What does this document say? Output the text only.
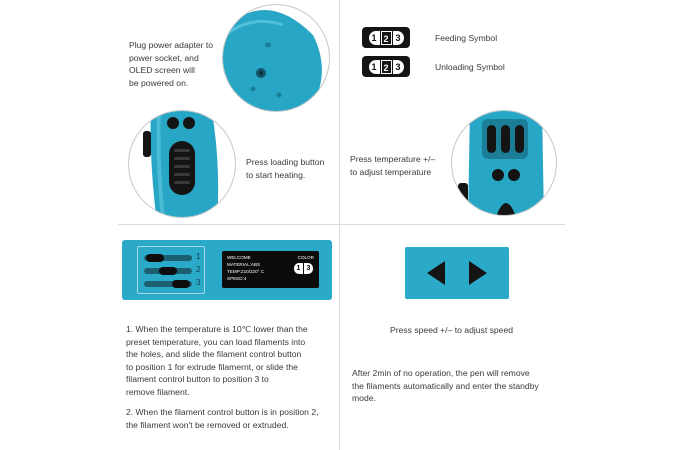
Plug power adapter to
power socket, and
OLED screen will
be powered on.
1 2 3	Feeding Symbol
1 2 3	Unloading Symbol
Press loading button
to start heating.
Press temperature +/–
to adjust temperature
1
2
3
WELCOME	COLOR
MATERIAL:ABS
TEMP:210/220° C
SPEED:4
1 3
Press speed +/– to adjust speed
1. When the temperature is 10℃ lower than the
preset temperature, you can load filaments into
the holes, and slide the filament control button
to position 1 for extrude filamernt, or slide the
filament control button to position 3 to
remove filament.
2. When the filament control button is in position 2,
the filament won't be removed or extruded.
After 2min of no operation, the pen will remove
the filaments automatically and enter the standby
mode.
